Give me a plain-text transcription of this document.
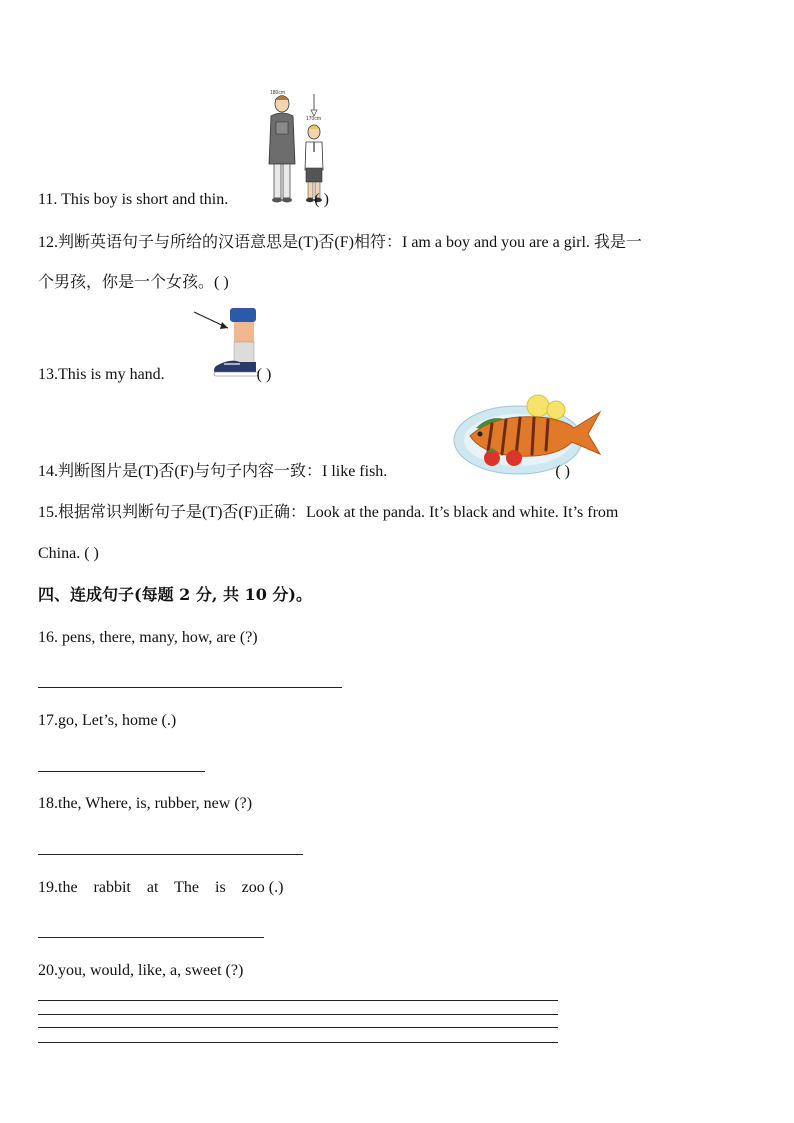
180cm
170cm
11. This boy is short and thin.	( )
12.判断英语句子与所给的汉语意思是(T)否(F)相符：I am a boy and you are a girl. 我是一
个男孩，你是一个女孩。( )
13.This is my hand.	( )
14.判断图片是(T)否(F)与句子内容一致：I like fish.	( )
15.根据常识判断句子是(T)否(F)正确：Look at the panda. It’s black and white. It’s from
China. ( )
四、连成句子(每题 2 分, 共 10 分)。
16. pens, there, many, how, are (?)
17.go, Let’s, home (.)
18.the, Where, is, rubber, new (?)
19.the    rabbit    at    The    is    zoo (.)
20.you, would, like, a, sweet (?)
